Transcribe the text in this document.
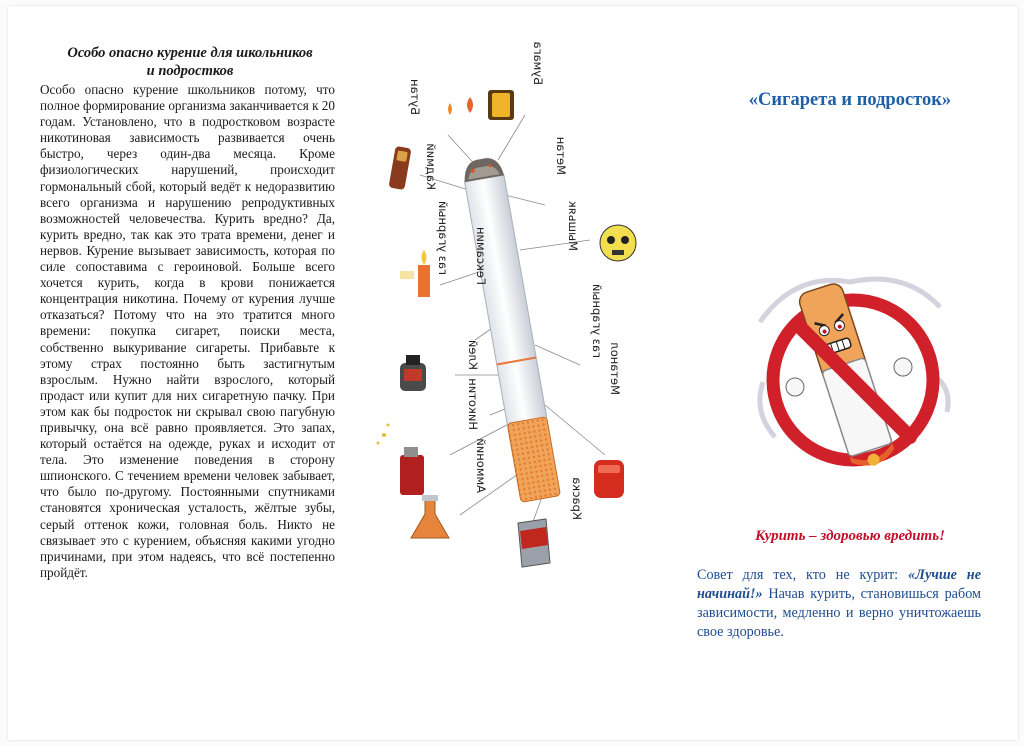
Особо опасно курение для школьников
и подростков
Особо опасно курение школьников потому, что полное формирование организма заканчивается к 20 годам. Установлено, что в подростковом возрасте никотиновая зависимость развивается очень быстро, через один-два месяца. Кроме физиологических нарушений, происходит гормональный сбой, который ведёт к недоразвитию всего организма и нарушению репродуктивных возможностей человечества. Курить вредно? Да, курить вредно, так как это трата времени, денег и нервов. Курение вызывает зависимость, которая по силе сопоставима с героиновой. Больше всего хочется курить, когда в крови понижается концентрация никотина. Почему от курения лучше отказаться? Потому что на это тратится много времени: покупка сигарет, поиски места, собственно выкуривание сигареты. Прибавьте к этому страх постоянно быть застигнутым взрослым. Нужно найти взрослого, который продаст или купит для них сигаретную пачку. При этом как бы подросток ни скрывал свою пагубную привычку, она всё равно проявляется. Это запах, который остаётся на одежде, руках и исходит от тела. Это изменение поведения в сторону шпионского. С течением времени человек забывает, что было по-другому. Постоянными спутниками становятся хроническая усталость, жёлтые зубы, серый оттенок кожи, головная боль. Никто не связывает это с курением, объясняя какими угодно причинами, при этом надеясь, что всё постепенно пройдёт.
Бутан
Бумага
Метан
Кадмий
Мышьяк
газ угарный Гексамин
газ угарный
Клей	Метанол
Никотин
Аммоний
Краска
«Сигарета и подросток»
Курить – здоровью вредить!
Совет для тех, кто не курит: «Лучше не начинай!» Начав курить, становишься рабом зависимости, медленно и верно уничтожаешь свое здоровье.
